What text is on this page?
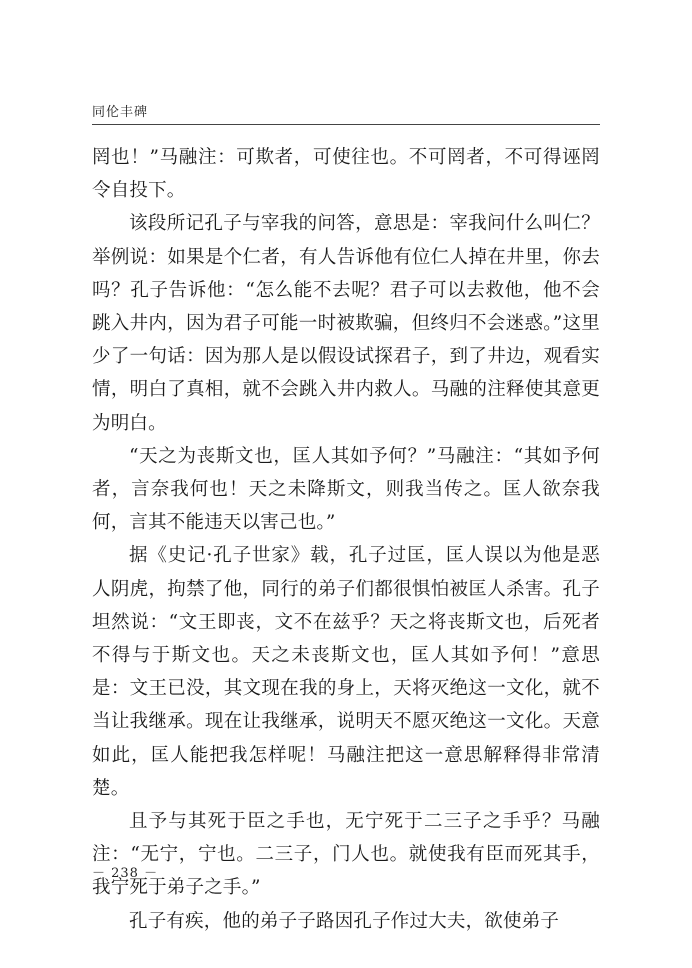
同伦丰碑

罔也！”马融注：可欺者，可使往也。不可罔者，不可得诬罔令自投下。

该段所记孔子与宰我的问答，意思是：宰我问什么叫仁？举例说：如果是个仁者，有人告诉他有位仁人掉在井里，你去吗？孔子告诉他：“怎么能不去呢？君子可以去救他，他不会跳入井内，因为君子可能一时被欺骗，但终归不会迷惑。”这里少了一句话：因为那人是以假设试探君子，到了井边，观看实情，明白了真相，就不会跳入井内救人。马融的注释使其意更为明白。

“天之为丧斯文也，匡人其如予何？”马融注：“其如予何者，言奈我何也！天之未降斯文，则我当传之。匡人欲奈我何，言其不能违天以害己也。”

据《史记·孔子世家》载，孔子过匡，匡人误以为他是恶人阴虎，拘禁了他，同行的弟子们都很惧怕被匡人杀害。孔子坦然说：“文王即丧，文不在兹乎？天之将丧斯文也，后死者不得与于斯文也。天之未丧斯文也，匡人其如予何！”意思是：文王已没，其文现在我的身上，天将灭绝这一文化，就不当让我继承。现在让我继承，说明天不愿灭绝这一文化。天意如此，匡人能把我怎样呢！马融注把这一意思解释得非常清楚。

且予与其死于臣之手也，无宁死于二三子之手乎？马融注：“无宁，宁也。二三子，门人也。就使我有臣而死其手，我宁死于弟子之手。”

孔子有疾，他的弟子子路因孔子作过大夫，欲使弟子

－ 238 －
